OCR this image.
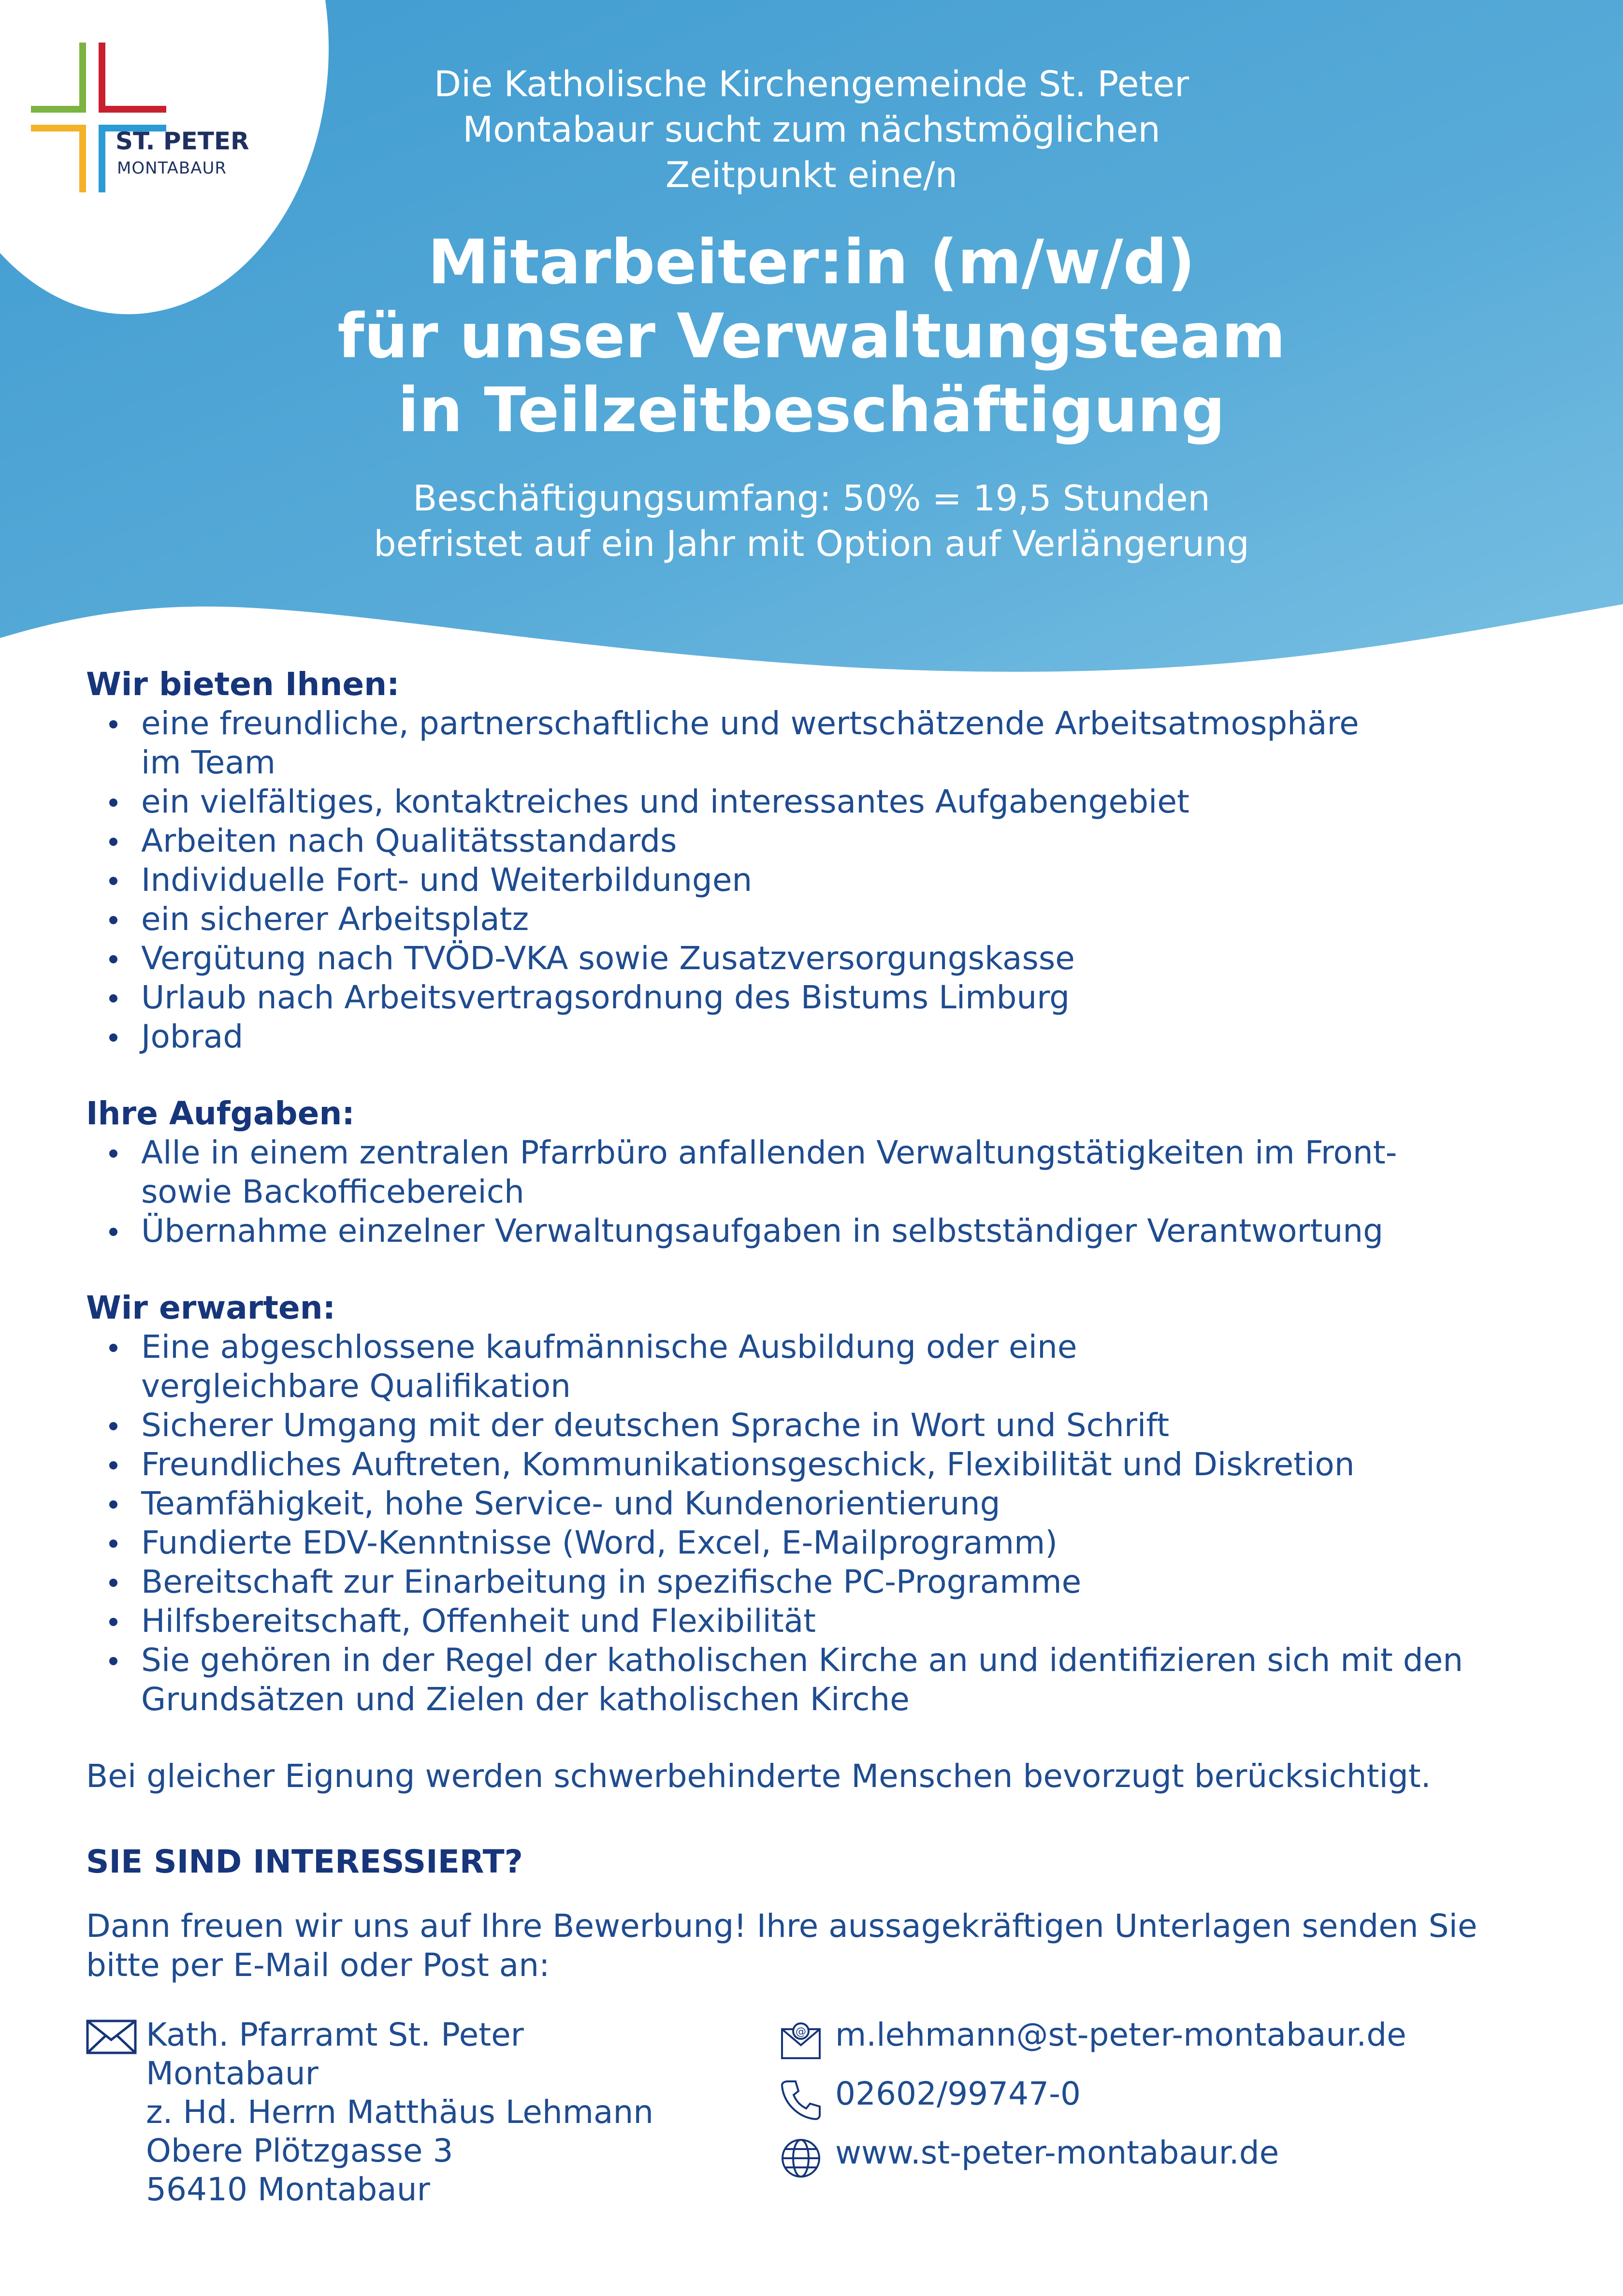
ST. PETER
MONTABAUR

Die Katholische Kirchengemeinde St. Peter Montabaur sucht zum nächstmöglichen Zeitpunkt eine/n

Mitarbeiter:in (m/w/d)
für unser Verwaltungsteam
in Teilzeitbeschäftigung
Beschäftigungsumfang: 50% = 19,5 Stunden
befristet auf ein Jahr mit Option auf Verlängerung

Wir bieten Ihnen:

eine freundliche, partnerschaftliche und wertschätzende Arbeitsatmosphäre im Team
ein vielfältiges, kontaktreiches und interessantes Aufgabengebiet
Arbeiten nach Qualitätsstandards
Individuelle Fort- und Weiterbildungen
ein sicherer Arbeitsplatz
Vergütung nach TVÖD-VKA sowie Zusatzversorgungskasse
Urlaub nach Arbeitsvertragsordnung des Bistums Limburg
Jobrad

Ihre Aufgaben:

Alle in einem zentralen Pfarrbüro anfallenden Verwaltungstätigkeiten im Front- sowie Backofficebereich
Übernahme einzelner Verwaltungsaufgaben in selbstständiger Verantwortung

Wir erwarten:

Eine abgeschlossene kaufmännische Ausbildung oder eine vergleichbare Qualifikation
Sicherer Umgang mit der deutschen Sprache in Wort und Schrift
Freundliches Auftreten, Kommunikationsgeschick, Flexibilität und Diskretion
Teamfähigkeit, hohe Service- und Kundenorientierung
Fundierte EDV-Kenntnisse (Word, Excel, E-Mailprogramm)
Bereitschaft zur Einarbeitung in spezifische PC-Programme
Hilfsbereitschaft, Offenheit und Flexibilität
Sie gehören in der Regel der katholischen Kirche an und identifizieren sich mit den Grundsätzen und Zielen der katholischen Kirche

Bei gleicher Eignung werden schwerbehinderte Menschen bevorzugt berücksichtigt.

SIE SIND INTERESSIERT?

Dann freuen wir uns auf Ihre Bewerbung! Ihre aussagekräftigen Unterlagen senden Sie bitte per E-Mail oder Post an:

Kath. Pfarramt St. Peter
Montabaur
z. Hd. Herrn Matthäus Lehmann
Obere Plötzgasse 3
56410 Montabaur
@ m.lehmann@st-peter-montabaur.de
02602/99747-0
www.st-peter-montabaur.de
